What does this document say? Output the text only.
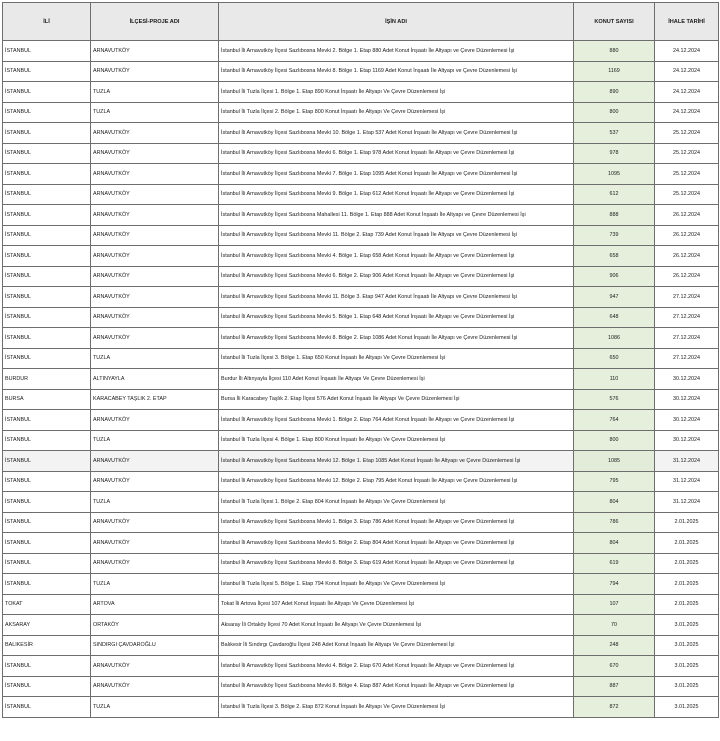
İLİ	İLÇESİ-PROJE ADI	İŞİN ADI	KONUT SAYISI	İHALE TARİHİ
İSTANBUL	ARNAVUTKÖY	İstanbul İli Arnavutköy İlçesi Sazlıbosna Mevki 2. Bölge 1. Etap 880 Adet Konut İnşaatı İle Altyapı ve Çevre Düzenlemesi İşi	880	24.12.2024
İSTANBUL	ARNAVUTKÖY	İstanbul İli Arnavutköy İlçesi Sazlıbosna Mevki 8. Bölge 1. Etap 1169 Adet Konut İnşaatı İle Altyapı ve Çevre Düzenlemesi İşi	1169	24.12.2024
İSTANBUL	TUZLA	İstanbul İli Tuzla İlçesi 1. Bölge 1. Etap 890 Konut İnşaatı İle Altyapı Ve Çevre Düzenlemesi İşi	890	24.12.2024
İSTANBUL	TUZLA	İstanbul İli Tuzla İlçesi 2. Bölge 1. Etap 800 Konut İnşaatı İle Altyapı Ve Çevre Düzenlemesi İşi	800	24.12.2024
İSTANBUL	ARNAVUTKÖY	İstanbul İli Arnavutköy İlçesi Sazlıbosna Mevki 10. Bölge 1. Etap 537 Adet Konut İnşaatı İle Altyapı ve Çevre Düzenlemesi İşi	537	25.12.2024
İSTANBUL	ARNAVUTKÖY	İstanbul İli Arnavutköy İlçesi Sazlıbosna Mevki 6. Bölge 1. Etap 978 Adet Konut İnşaatı İle Altyapı ve Çevre Düzenlemesi İşi	978	25.12.2024
İSTANBUL	ARNAVUTKÖY	İstanbul İli Arnavutköy İlçesi Sazlıbosna Mevki 7. Bölge 1. Etap 1095 Adet Konut İnşaatı İle Altyapı ve Çevre Düzenlemesi İşi	1095	25.12.2024
İSTANBUL	ARNAVUTKÖY	İstanbul İli Arnavutköy İlçesi Sazlıbosna Mevki 9. Bölge 1. Etap 612 Adet Konut İnşaatı İle Altyapı ve Çevre Düzenlemesi İşi	612	25.12.2024
İSTANBUL	ARNAVUTKÖY	İstanbul İli Arnavutköy İlçesi Sazlıbosna Mahallesi 11. Bölge 1. Etap 888 Adet Konut İnşaatı İle Altyapı ve Çevre Düzenlemesi İşi	888	26.12.2024
İSTANBUL	ARNAVUTKÖY	İstanbul İli Arnavutköy İlçesi Sazlıbosna Mevki 11. Bölge 2. Etap 739 Adet Konut İnşaatı İle Altyapı ve Çevre Düzenlemesi İşi	739	26.12.2024
İSTANBUL	ARNAVUTKÖY	İstanbul İli Arnavutköy İlçesi Sazlıbosna Mevki 4. Bölge 1. Etap 658 Adet Konut İnşaatı İle Altyapı ve Çevre Düzenlemesi İşi	658	26.12.2024
İSTANBUL	ARNAVUTKÖY	İstanbul İli Arnavutköy İlçesi Sazlıbosna Mevki 6. Bölge 2. Etap 906 Adet Konut İnşaatı İle Altyapı ve Çevre Düzenlemesi İşi	906	26.12.2024
İSTANBUL	ARNAVUTKÖY	İstanbul İli Arnavutköy İlçesi Sazlıbosna Mevki 11. Bölge 3. Etap 947 Adet Konut İnşaatı İle Altyapı ve Çevre Düzenlemesi İşi	947	27.12.2024
İSTANBUL	ARNAVUTKÖY	İstanbul İli Arnavutköy İlçesi Sazlıbosna Mevki 5. Bölge 1. Etap 648 Adet Konut İnşaatı İle Altyapı ve Çevre Düzenlemesi İşi	648	27.12.2024
İSTANBUL	ARNAVUTKÖY	İstanbul İli Arnavutköy İlçesi Sazlıbosna Mevki 8. Bölge 2. Etap 1086 Adet Konut İnşaatı İle Altyapı ve Çevre Düzenlemesi İşi	1086	27.12.2024
İSTANBUL	TUZLA	İstanbul İli Tuzla İlçesi 3. Bölge 1. Etap 650 Konut İnşaatı İle Altyapı Ve Çevre Düzenlemesi İşi	650	27.12.2024
BURDUR	ALTINYAYLA	Burdur İli Altınyayla İlçesi 110 Adet Konut İnşaatı İle Altyapı Ve Çevre Düzenlemesi İşi	110	30.12.2024
BURSA	KARACABEY TAŞLIK 2. ETAP	Bursa İli Karacabey Taşlık 2. Etap İlçesi 576 Adet Konut İnşaatı İle Altyapı Ve Çevre Düzenlemesi İşi	576	30.12.2024
İSTANBUL	ARNAVUTKÖY	İstanbul İli Arnavutköy İlçesi Sazlıbosna Mevki 1. Bölge 2. Etap 764 Adet Konut İnşaatı İle Altyapı ve Çevre Düzenlemesi İşi	764	30.12.2024
İSTANBUL	TUZLA	İstanbul İli Tuzla İlçesi 4. Bölge 1. Etap 800 Konut İnşaatı İle Altyapı Ve Çevre Düzenlemesi İşi	800	30.12.2024
İSTANBUL	ARNAVUTKÖY	İstanbul İli Arnavutköy İlçesi Sazlıbosna Mevki 12. Bölge 1. Etap 1085 Adet Konut İnşaatı İle Altyapı ve Çevre Düzenlemesi İşi	1085	31.12.2024
İSTANBUL	ARNAVUTKÖY	İstanbul İli Arnavutköy İlçesi Sazlıbosna Mevki 12. Bölge 2. Etap 795 Adet Konut İnşaatı İle Altyapı ve Çevre Düzenlemesi İşi	795	31.12.2024
İSTANBUL	TUZLA	İstanbul İli Tuzla İlçesi 1. Bölge 2. Etap 804 Konut İnşaatı İle Altyapı Ve Çevre Düzenlemesi İşi	804	31.12.2024
İSTANBUL	ARNAVUTKÖY	İstanbul İli Arnavutköy İlçesi Sazlıbosna Mevki 1. Bölge 3. Etap 786 Adet Konut İnşaatı İle Altyapı ve Çevre Düzenlemesi İşi	786	2.01.2025
İSTANBUL	ARNAVUTKÖY	İstanbul İli Arnavutköy İlçesi Sazlıbosna Mevki 5. Bölge 2. Etap 804 Adet Konut İnşaatı İle Altyapı ve Çevre Düzenlemesi İşi	804	2.01.2025
İSTANBUL	ARNAVUTKÖY	İstanbul İli Arnavutköy İlçesi Sazlıbosna Mevki 8. Bölge 3. Etap 619 Adet Konut İnşaatı İle Altyapı ve Çevre Düzenlemesi İşi	619	2.01.2025
İSTANBUL	TUZLA	İstanbul İli Tuzla İlçesi 5. Bölge 1. Etap 794 Konut İnşaatı İle Altyapı Ve Çevre Düzenlemesi İşi	794	2.01.2025
TOKAT	ARTOVA	Tokat İli Artova İlçesi 107 Adet Konut İnşaatı İle Altyapı Ve Çevre Düzenlemesi İşi	107	2.01.2025
AKSARAY	ORTAKÖY	Aksaray İli Ortaköy İlçesi 70 Adet Konut İnşaatı İle Altyapı Ve Çevre Düzenlemesi İşi	70	3.01.2025
BALIKESİR	SINDIRGI ÇAVDAROĞLU	Balıkesir İli Sındırgı Çavdaroğlu İlçesi 248 Adet Konut İnşaatı İle Altyapı Ve Çevre Düzenlemesi İşi	248	3.01.2025
İSTANBUL	ARNAVUTKÖY	İstanbul İli Arnavutköy İlçesi Sazlıbosna Mevki 4. Bölge 2. Etap 670 Adet Konut İnşaatı İle Altyapı ve Çevre Düzenlemesi İşi	670	3.01.2025
İSTANBUL	ARNAVUTKÖY	İstanbul İli Arnavutköy İlçesi Sazlıbosna Mevki 8. Bölge 4. Etap 887 Adet Konut İnşaatı İle Altyapı ve Çevre Düzenlemesi İşi	887	3.01.2025
İSTANBUL	TUZLA	İstanbul İli Tuzla İlçesi 3. Bölge 2. Etap 872 Konut İnşaatı İle Altyapı Ve Çevre Düzenlemesi İşi	872	3.01.2025
